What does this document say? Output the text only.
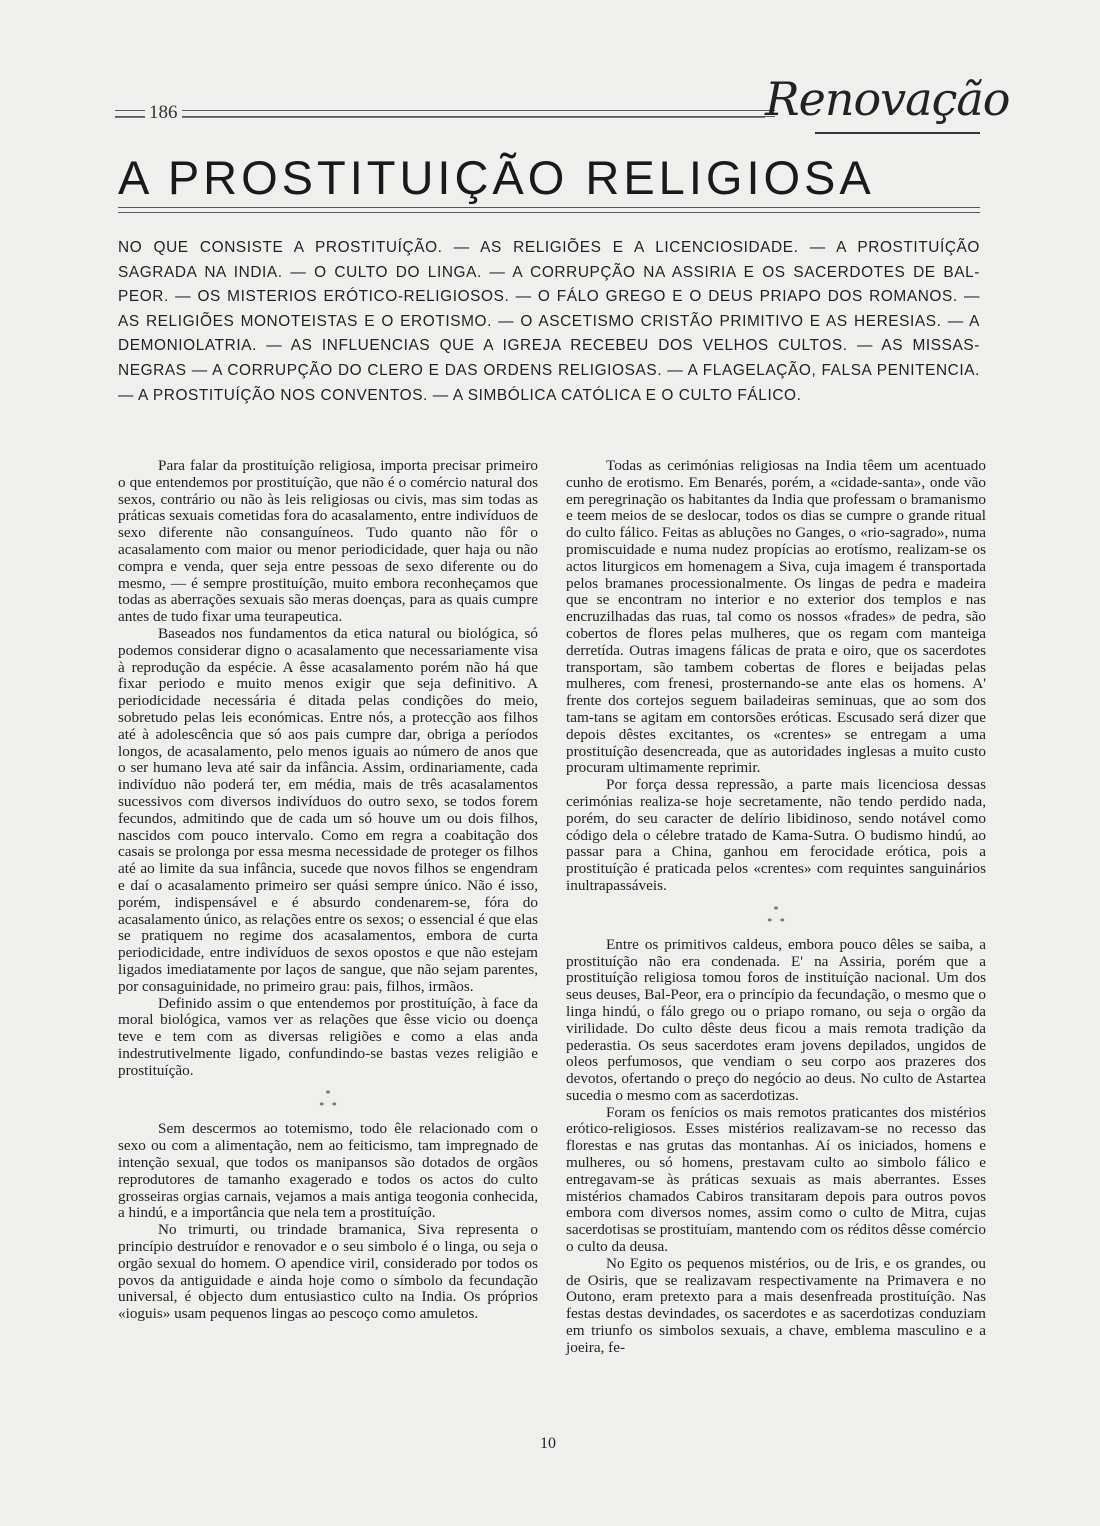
186	Renovação
A PROSTITUIÇÃO RELIGIOSA
NO QUE CONSISTE A PROSTITUÍÇÃO. — AS RELIGIÕES E A LICENCIOSIDADE. — A PROSTITUÍÇÃO SAGRADA NA INDIA. — O CULTO DO LINGA. — A CORRUPÇÃO NA ASSIRIA E OS SACERDOTES DE BAL-PEOR. — OS MISTERIOS ERÓTICO-RELIGIOSOS. — O FÁLO GREGO E O DEUS PRIAPO DOS ROMANOS. — AS RELIGIÕES MONOTEISTAS E O EROTISMO. — O ASCETISMO CRISTÃO PRIMITIVO E AS HERESIAS. — A DEMONIOLATRIA. — AS INFLUENCIAS QUE A IGREJA RECEBEU DOS VELHOS CULTOS. — AS MISSAS-NEGRAS — A CORRUPÇÃO DO CLERO E DAS ORDENS RELIGIOSAS. — A FLAGELAÇÃO, FALSA PENITENCIA. — A PROSTITUÍÇÃO NOS CONVENTOS. — A SIMBÓLICA CATÓLICA E O CULTO FÁLICO.

Para falar da prostituíção religiosa, importa precisar primeiro o que entendemos por prostituíção, que não é o comércio natural dos sexos, contrário ou não às leis religiosas ou civis, mas sim todas as práticas sexuais cometidas fora do acasalamento, entre indivíduos de sexo diferente não consanguíneos. Tudo quanto não fôr o acasalamento com maior ou menor periodicidade, quer haja ou não compra e venda, quer seja entre pessoas de sexo diferente ou do mesmo, — é sempre prostituíção, muito embora reconheçamos que todas as aberrações sexuais são meras doenças, para as quais cumpre antes de tudo fixar uma teurapeutica.

Baseados nos fundamentos da etica natural ou biológica, só podemos considerar digno o acasalamento que necessariamente visa à reprodução da espécie. A êsse acasalamento porém não há que fixar periodo e muito menos exigir que seja definitivo. A periodicidade necessária é ditada pelas condições do meio, sobretudo pelas leis económicas. Entre nós, a protecção aos filhos até à adolescência que só aos pais cumpre dar, obriga a períodos longos, de acasalamento, pelo menos iguais ao número de anos que o ser humano leva até sair da infância. Assim, ordinariamente, cada indivíduo não poderá ter, em média, mais de três acasalamentos sucessivos com diversos indivíduos do outro sexo, se todos forem fecundos, admitindo que de cada um só houve um ou dois filhos, nascidos com pouco intervalo. Como em regra a coabitação dos casais se prolonga por essa mesma necessidade de proteger os filhos até ao limite da sua infância, sucede que novos filhos se engendram e daí o acasalamento primeiro ser quási sempre único. Não é isso, porém, indispensável e é absurdo condenarem-se, fóra do acasalamento único, as relações entre os sexos; o essencial é que elas se pratiquem no regime dos acasalamentos, embora de curta periodicidade, entre indivíduos de sexos opostos e que não estejam ligados imediatamente por laços de sangue, que não sejam parentes, por consaguinidade, no primeiro grau: pais, filhos, irmãos.

Definido assim o que entendemos por prostituíção, à face da moral biológica, vamos ver as relações que êsse vicio ou doença teve e tem com as diversas religiões e como a elas anda indestrutivelmente ligado, confundindo-se bastas vezes religião e prostituíção.

*
*   *

Sem descermos ao totemismo, todo êle relacionado com o sexo ou com a alimentação, nem ao feiticismo, tam impregnado de intenção sexual, que todos os manipansos são dotados de orgãos reprodutores de tamanho exagerado e todos os actos do culto grosseiras orgias carnais, vejamos a mais antiga teogonia conhecida, a hindú, e a importância que nela tem a prostituíção.

No trimurti, ou trindade bramanica, Siva representa o princípio destruídor e renovador e o seu simbolo é o linga, ou seja o orgão sexual do homem. O apendice viril, considerado por todos os povos da antiguidade e ainda hoje como o símbolo da fecundação universal, é objecto dum entusiastico culto na India. Os próprios «ioguis» usam pequenos lingas ao pescoço como amuletos.

Todas as cerimónias religiosas na India têem um acentuado cunho de erotismo. Em Benarés, porém, a «cidade-santa», onde vão em peregrinação os habitantes da India que professam o bramanismo e teem meios de se deslocar, todos os dias se cumpre o grande ritual do culto fálico. Feitas as abluções no Ganges, o «rio-sagrado», numa promiscuidade e numa nudez propícias ao erotísmo, realizam-se os actos liturgicos em homenagem a Siva, cuja imagem é transportada pelos bramanes processionalmente. Os lingas de pedra e madeira que se encontram no interior e no exterior dos templos e nas encruzilhadas das ruas, tal como os nossos «frades» de pedra, são cobertos de flores pelas mulheres, que os regam com manteiga derretída. Outras imagens fálicas de prata e oiro, que os sacerdotes transportam, são tambem cobertas de flores e beijadas pelas mulheres, com frenesi, prosternando-se ante elas os homens. A' frente dos cortejos seguem bailadeiras seminuas, que ao som dos tam-tans se agitam em contorsões eróticas. Escusado será dizer que depois dêstes excitantes, os «crentes» se entregam a uma prostituíção desencreada, que as autoridades inglesas a muito custo procuram ultimamente reprimir.

Por força dessa repressão, a parte mais licenciosa dessas cerimónias realiza-se hoje secretamente, não tendo perdido nada, porém, do seu caracter de delírio libidinoso, sendo notável como código dela o célebre tratado de Kama-Sutra. O budismo hindú, ao passar para a China, ganhou em ferocidade erótica, pois a prostituíção é praticada pelos «crentes» com requintes sanguinários inultrapassáveis.

*
*   *

Entre os primitivos caldeus, embora pouco dêles se saiba, a prostituíção não era condenada. E' na Assiria, porém que a prostituíção religiosa tomou foros de instituíção nacional. Um dos seus deuses, Bal-Peor, era o princípio da fecundação, o mesmo que o linga hindú, o fálo grego ou o priapo romano, ou seja o orgão da virilidade. Do culto dêste deus ficou a mais remota tradição da pederastia. Os seus sacerdotes eram jovens depilados, ungidos de oleos perfumosos, que vendiam o seu corpo aos prazeres dos devotos, ofertando o preço do negócio ao deus. No culto de Astartea sucedia o mesmo com as sacerdotizas.

Foram os fenícios os mais remotos praticantes dos mistérios erótico-religiosos. Esses mistérios realizavam-se no recesso das florestas e nas grutas das montanhas. Aí os iniciados, homens e mulheres, ou só homens, prestavam culto ao simbolo fálico e entregavam-se às práticas sexuais as mais aberrantes. Esses mistérios chamados Cabiros transitaram depois para outros povos embora com diversos nomes, assim como o culto de Mitra, cujas sacerdotisas se prostituíam, mantendo com os réditos dêsse comércio o culto da deusa.

No Egito os pequenos mistérios, ou de Iris, e os grandes, ou de Osiris, que se realizavam respectivamente na Primavera e no Outono, eram pretexto para a mais desenfreada prostituíção. Nas festas destas devindades, os sacerdotes e as sacerdotizas conduziam em triunfo os simbolos sexuais, a chave, emblema masculino e a joeira, fe-

10
